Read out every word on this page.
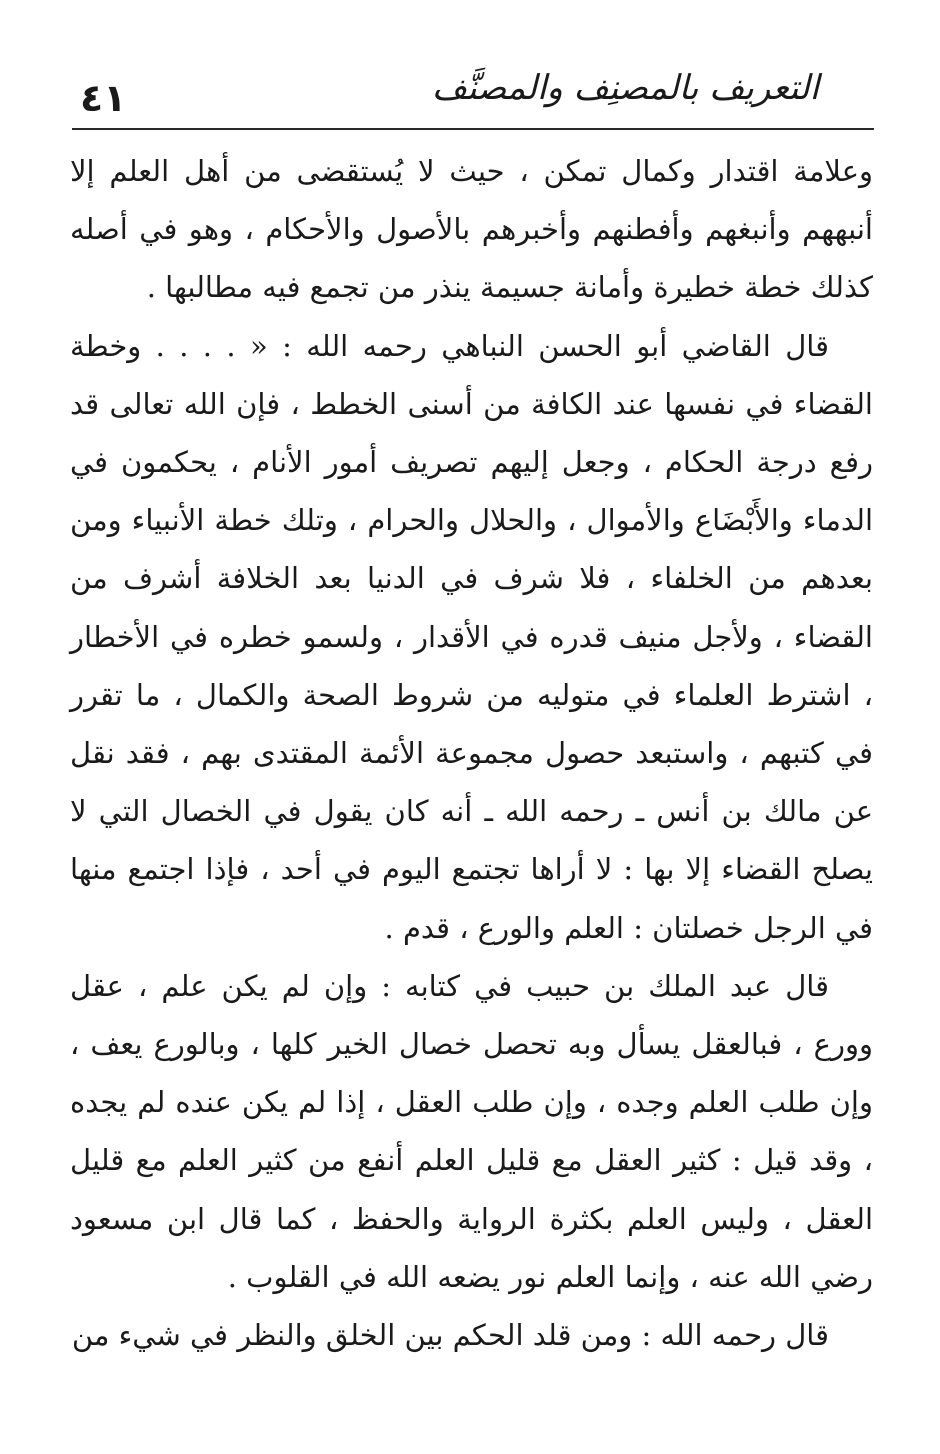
٤١	التعريف بالمصنِف والمصنَّف

وعلامة اقتدار وكمال تمكن ، حيث لا يُستقضى من أهل العلم إلا أنبههم وأنبغهم وأفطنهم وأخبرهم بالأصول والأحكام ، وهو في أصله كذلك خطة خطيرة وأمانة جسيمة ينذر من تجمع فيه مطالبها .

قال القاضي أبو الحسن النباهي رحمه الله : « . . . . وخطة القضاء في نفسها عند الكافة من أسنى الخطط ، فإن الله تعالى قد رفع درجة الحكام ، وجعل إليهم تصريف أمور الأنام ، يحكمون في الدماء والأَبْضَاع والأموال ، والحلال والحرام ، وتلك خطة الأنبياء ومن بعدهم من الخلفاء ، فلا شرف في الدنيا بعد الخلافة أشرف من القضاء ، ولأجل منيف قدره في الأقدار ، ولسمو خطره في الأخطار ، اشترط العلماء في متوليه من شروط الصحة والكمال ، ما تقرر في كتبهم ، واستبعد حصول مجموعة الأئمة المقتدى بهم ، فقد نقل عن مالك بن أنس ـ رحمه الله ـ أنه كان يقول في الخصال التي لا يصلح القضاء إلا بها : لا أراها تجتمع اليوم في أحد ، فإذا اجتمع منها في الرجل خصلتان : العلم والورع ، قدم .

قال عبد الملك بن حبيب في كتابه : وإن لم يكن علم ، عقل وورع ، فبالعقل يسأل وبه تحصل خصال الخير كلها ، وبالورع يعف ، وإن طلب العلم وجده ، وإن طلب العقل ، إذا لم يكن عنده لم يجده ، وقد قيل : كثير العقل مع قليل العلم أنفع من كثير العلم مع قليل العقل ، وليس العلم بكثرة الرواية والحفظ ، كما قال ابن مسعود رضي الله عنه ، وإنما العلم نور يضعه الله في القلوب .

قال رحمه الله : ومن قلد الحكم بين الخلق والنظر في شيء من
